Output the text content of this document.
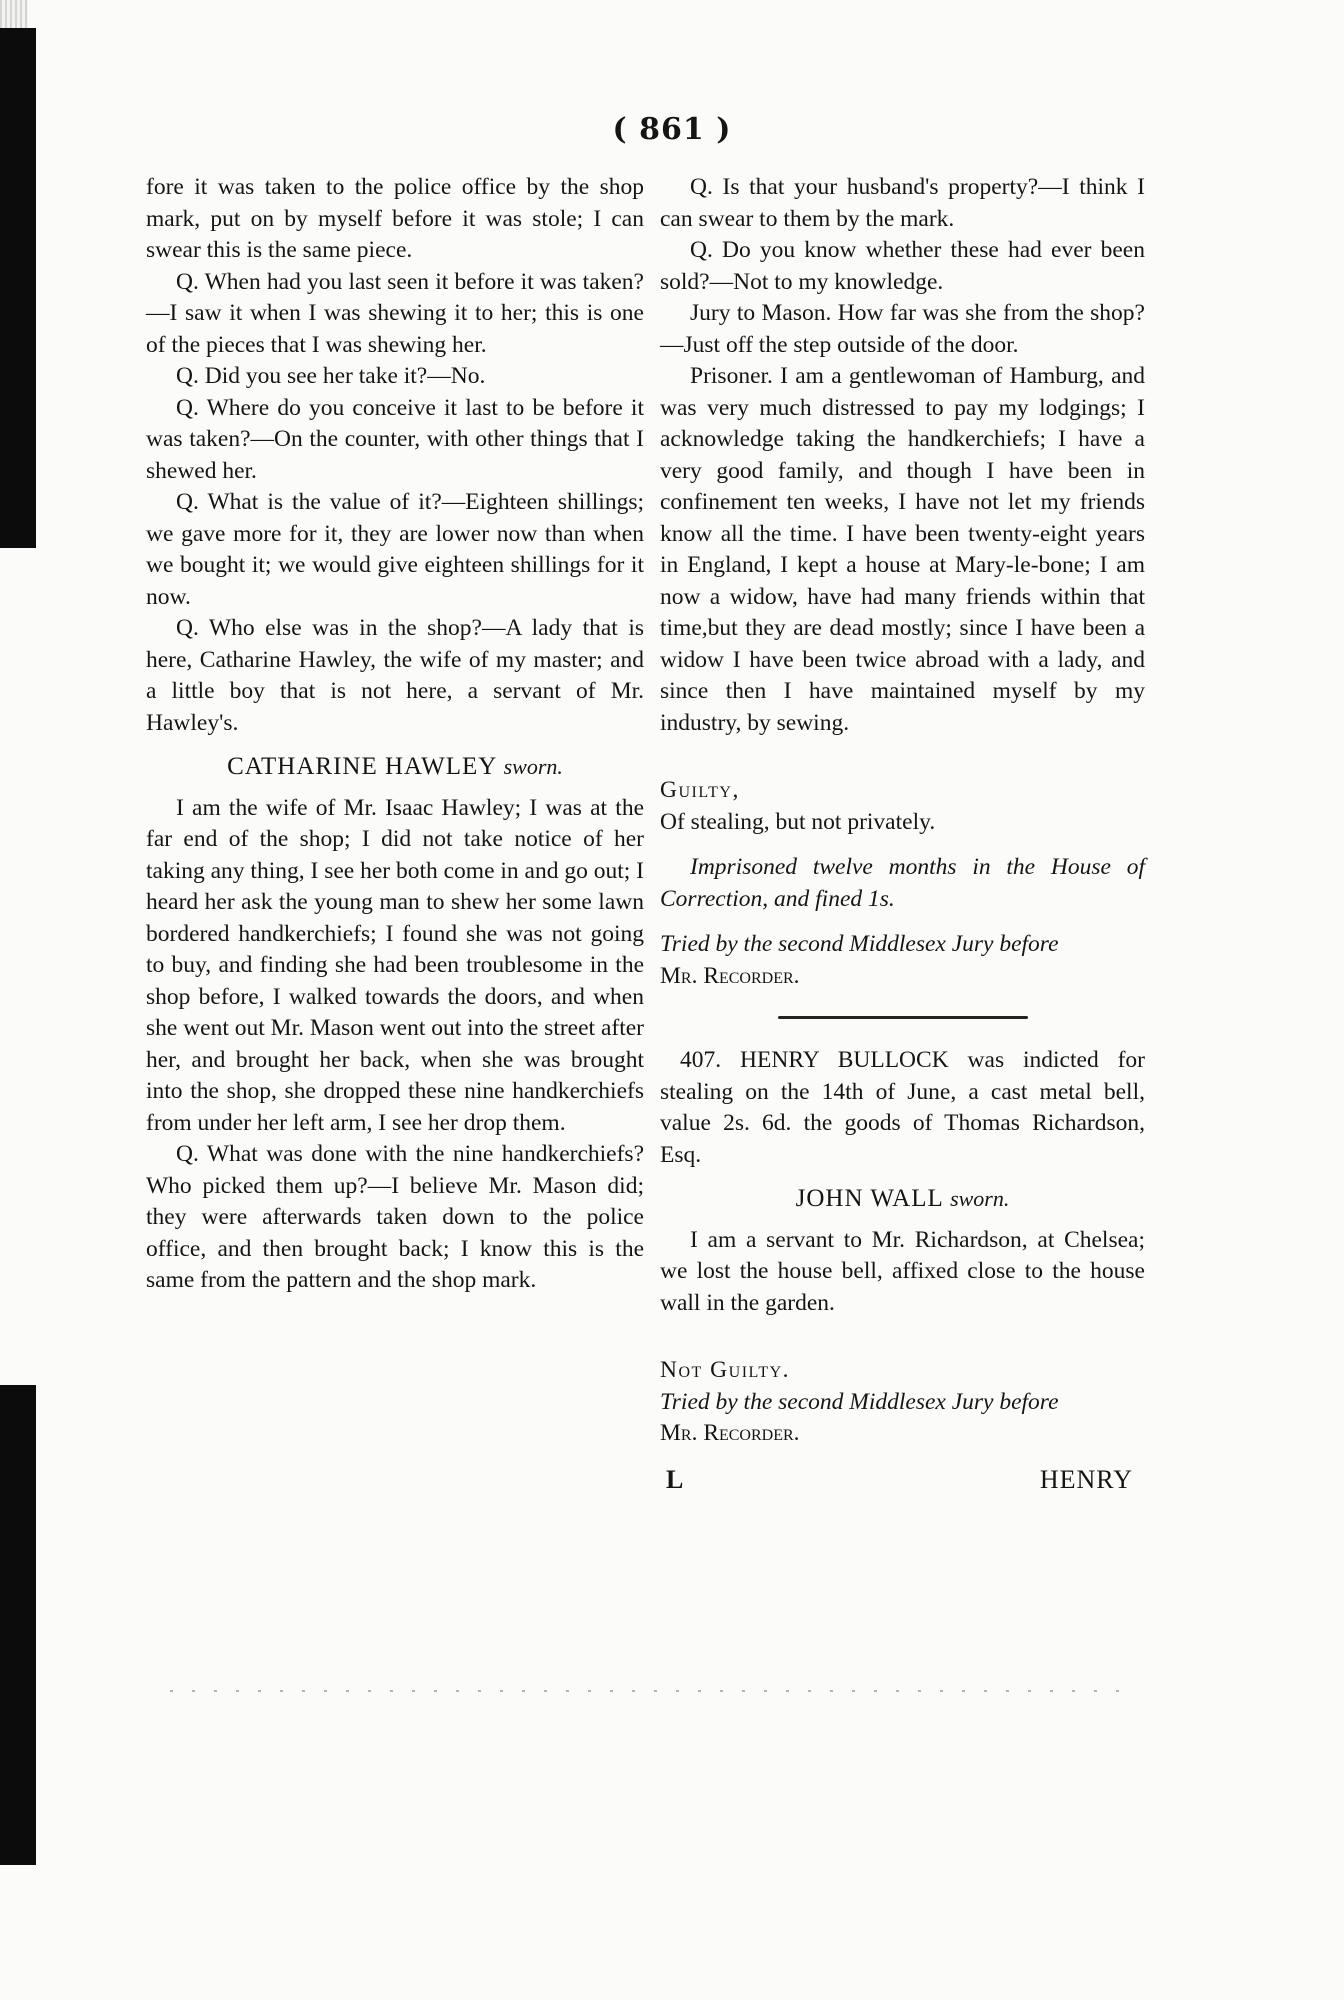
( 861 )

fore it was taken to the police office by the shop mark, put on by myself before it was stole; I can swear this is the same piece.

Q. When had you last seen it before it was taken?—I saw it when I was shewing it to her; this is one of the pieces that I was shewing her.

Q. Did you see her take it?—No.

Q. Where do you conceive it last to be before it was taken?—On the counter, with other things that I shewed her.

Q. What is the value of it?—Eighteen shillings; we gave more for it, they are lower now than when we bought it; we would give eighteen shillings for it now.

Q. Who else was in the shop?—A lady that is here, Catharine Hawley, the wife of my master; and a little boy that is not here, a servant of Mr. Hawley's.

CATHARINE HAWLEY sworn.

I am the wife of Mr. Isaac Hawley; I was at the far end of the shop; I did not take notice of her taking any thing, I see her both come in and go out; I heard her ask the young man to shew her some lawn bordered handkerchiefs; I found she was not going to buy, and finding she had been troublesome in the shop before, I walked towards the doors, and when she went out Mr. Mason went out into the street after her, and brought her back, when she was brought into the shop, she dropped these nine handkerchiefs from under her left arm, I see her drop them.

Q. What was done with the nine handkerchiefs? Who picked them up?—I believe Mr. Mason did; they were afterwards taken down to the police office, and then brought back; I know this is the same from the pattern and the shop mark.

Q. Is that your husband's property?—I think I can swear to them by the mark.

Q. Do you know whether these had ever been sold?—Not to my knowledge.

Jury to Mason. How far was she from the shop?—Just off the step outside of the door.

Prisoner. I am a gentlewoman of Hamburg, and was very much distressed to pay my lodgings; I acknowledge taking the handkerchiefs; I have a very good family, and though I have been in confinement ten weeks, I have not let my friends know all the time. I have been twenty-eight years in England, I kept a house at Mary-le-bone; I am now a widow, have had many friends within that time,but they are dead mostly; since I have been a widow I have been twice abroad with a lady, and since then I have maintained myself by my industry, by sewing.

Guilty,

Of stealing, but not privately.

Imprisoned twelve months in the House of Correction, and fined 1s.

Tried by the second Middlesex Jury before

Mr. Recorder.

407. HENRY BULLOCK was indicted for stealing on the 14th of June, a cast metal bell, value 2s. 6d. the goods of Thomas Richardson, Esq.

JOHN WALL sworn.

I am a servant to Mr. Richardson, at Chelsea; we lost the house bell, affixed close to the house wall in the garden.

Not Guilty.

Tried by the second Middlesex Jury before

Mr. Recorder.

L	HENRY
